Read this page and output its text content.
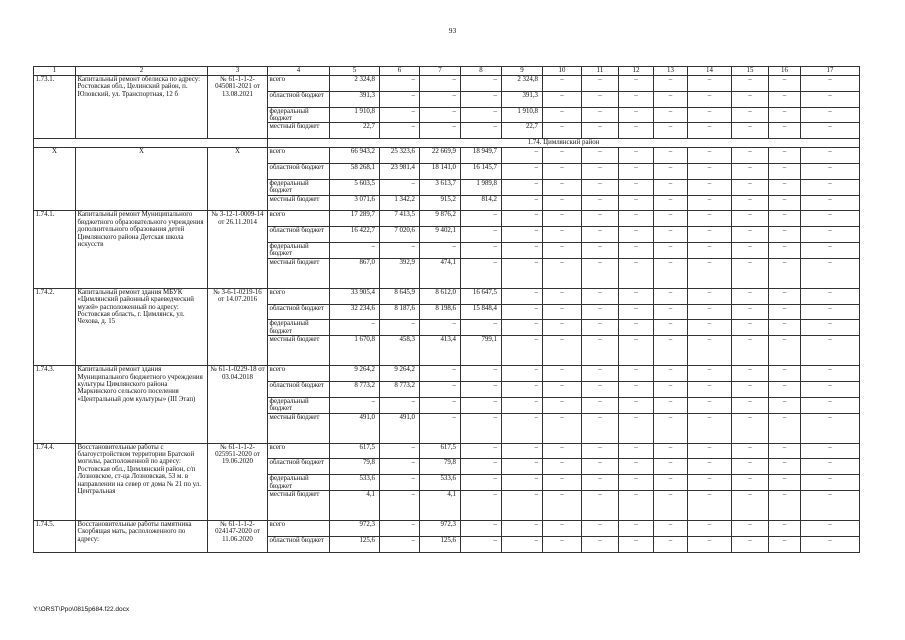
93
1	2	3	4	5	6	7	8	9	10	11	12	13	14	15	16	17
1.73.1.	Капитальный ремонт обелиска по адресу: Ростовская обл., Целинский район, п. Юловский, ул. Транспортная, 12 б	№ 61-1-1-2-045081-2021 от 13.08.2021	всего	2 324,8	–	–	–	2 324,8	–	–	–	–	–	–	–	–
			областной бюджет	391,3	–	–	–	391,3	–	–	–	–	–	–	–	–
			федеральный бюджет	1 910,8	–	–	–	1 910,8	–	–	–	–	–	–	–	–
			местный бюджет	22,7	–	–	–	22,7	–	–	–	–	–	–	–	–
			1.74. Цимлянский район													
Х	Х	Х	всего	66 943,2	25 323,6	22 669,9	18 949,7	–	–	–	–	–	–	–	–	–
			областной бюджет	58 268,1	23 981,4	18 141,0	16 145,7	–	–	–	–	–	–	–	–	–
			федеральный бюджет	5 603,5	–	3 613,7	1 989,8	–	–	–	–	–	–	–	–	–
			местный бюджет	3 071,6	1 342,2	915,2	814,2	–	–	–	–	–	–	–	–	–
1.74.1.	Капитальный ремонт Муниципального бюджетного образовательного учреждения дополнительного образования детей Цимлянского района Детская школа искусств	№ 3-12-1-0009-14 от 26.11.2014	всего	17 289,7	7 413,5	9 876,2	–	–	–	–	–	–	–	–	–	–
			областной бюджет	16 422,7	7 020,6	9 402,1	–	–	–	–	–	–	–	–	–	–
			федеральный бюджет	–	–	–	–	–	–	–	–	–	–	–	–	–
			местный бюджет	867,0	392,9	474,1	–	–	–	–	–	–	–	–	–	–
1.74.2.	Капитальный ремонт здания МБУК «Цимлянский районный краеведческий музей» расположенный по адресу: Ростовская область, г. Цимлянск, ул. Чехова, д. 15	№ 3-6-1-0219-16 от 14.07.2016	всего	33 905,4	8 645,9	8 612,0	16 647,5	–	–	–	–	–	–	–	–	–
			областной бюджет	32 234,6	8 187,6	8 198,6	15 848,4	–	–	–	–	–	–	–	–	–
			федеральный бюджет	–	–	–	–	–	–	–	–	–	–	–	–	–
			местный бюджет	1 670,8	458,3	413,4	799,1	–	–	–	–	–	–	–	–	–
1.74.3.	Капитальный ремонт здания Муниципального бюджетного учреждения культуры Цимлянского района Маркинского сельского поселения «Центральный дом культуры» (III Этап)	№ 61-1-0229-18 от 03.04.2018	всего	9 264,2	9 264,2	–	–	–	–	–	–	–	–	–	–	–
			областной бюджет	8 773,2	8 773,2	–	–	–	–	–	–	–	–	–	–	–
			федеральный бюджет	–	–	–	–	–	–	–	–	–	–	–	–	–
			местный бюджет	491,0	491,0	–	–	–	–	–	–	–	–	–	–	–
1.74.4.	Восстановительные работы с благоустройством территории Братской могилы, расположенной по адресу: Ростовская обл., Цимлянский район, с/п Лозновское, ст-ца Лозновская, 53 м. в направлении на север от дома № 21 по ул. Центральная	№ 61-1-1-2-025951-2020 от 19.06.2020	всего	617,5	–	617,5	–	–	–	–	–	–	–	–	–	–
			областной бюджет	79,8	–	79,8	–	–	–	–	–	–	–	–	–	–
			федеральный бюджет	533,6	–	533,6	–	–	–	–	–	–	–	–	–	–
			местный бюджет	4,1	–	4,1	–	–	–	–	–	–	–	–	–	–
1.74.5.	Восстановительные работы памятника Скорбящая мать, расположенного по адресу:	№ 61-1-1-2-024147-2020 от 11.06.2020	всего	972,3	–	972,3	–	–	–	–	–	–	–	–	–	–
			областной бюджет	125,6	–	125,6	–	–	–	–	–	–	–	–	–	–
Y:\ORST\Ppo\0815p684.f22.docx
